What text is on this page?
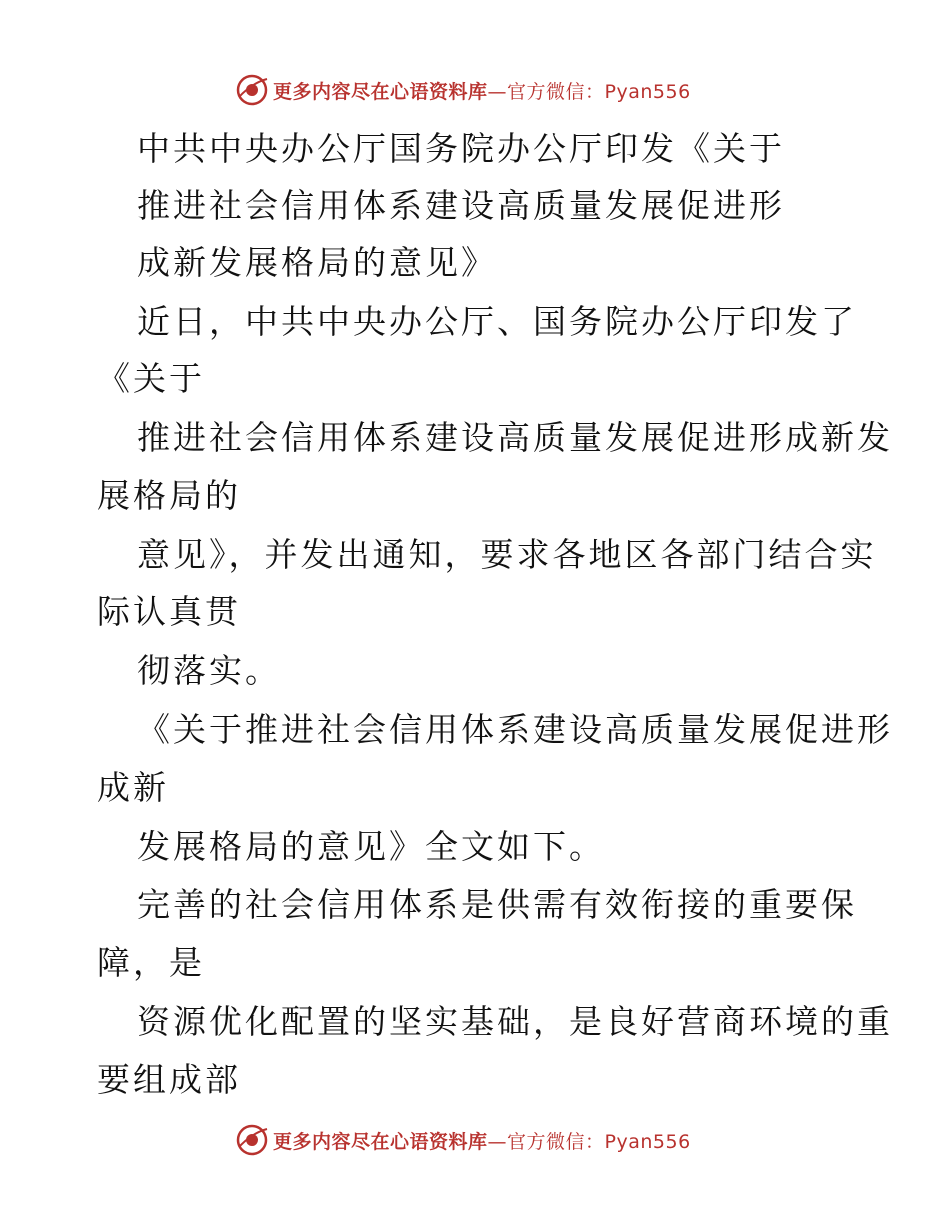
更多内容尽在心语资料库—官方微信：Pyan556
中共中央办公厅国务院办公厅印发《关于
推进社会信用体系建设高质量发展促进形
成新发展格局的意见》
近日，中共中央办公厅、国务院办公厅印发了
《关于
推进社会信用体系建设高质量发展促进形成新发
展格局的
意见》，并发出通知，要求各地区各部门结合实
际认真贯
彻落实。
《关于推进社会信用体系建设高质量发展促进形
成新
发展格局的意见》全文如下。
完善的社会信用体系是供需有效衔接的重要保
障，是
资源优化配置的坚实基础，是良好营商环境的重
要组成部
更多内容尽在心语资料库—官方微信：Pyan556
